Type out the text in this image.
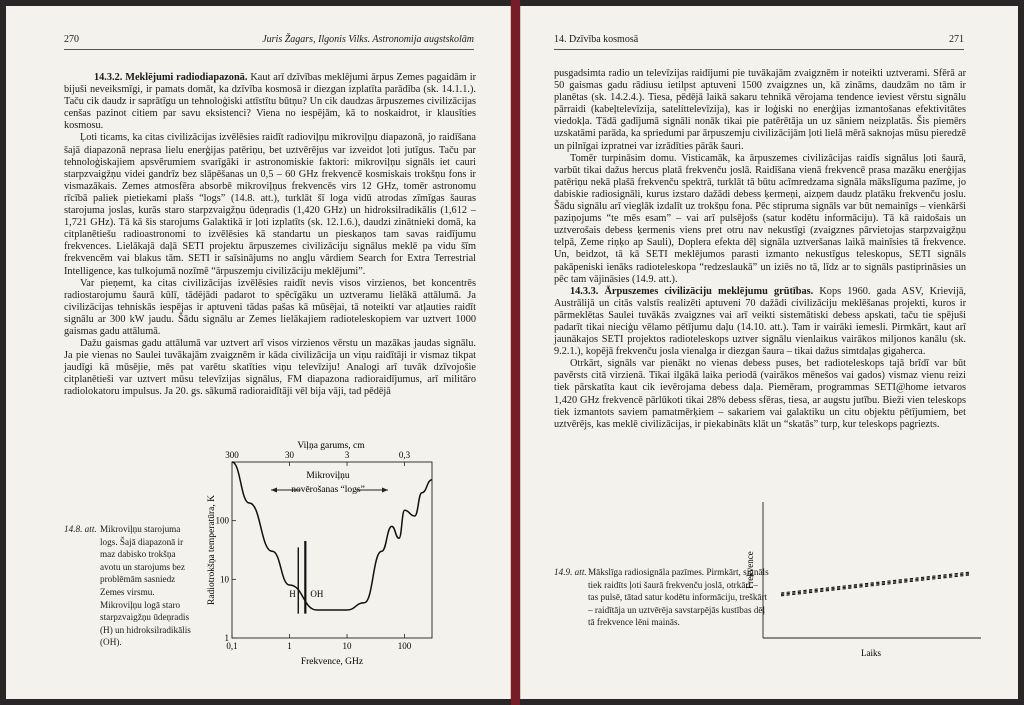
270	Juris Žagars, Ilgonis Vilks. Astronomija augstskolām

14.3.2. Meklējumi radiodiapazonā. Kaut arī dzīvības meklējumi ārpus Zemes pagaidām ir bijuši neveiksmīgi, ir pamats domāt, ka dzīvība kosmosā ir diezgan izplatīta parādība (sk. 14.1.1.). Taču cik daudz ir saprātīgu un tehnoloģiski attīstītu būtņu? Un cik daudzas ārpuszemes civilizācijas cenšas pazinot citiem par savu eksistenci? Viena no iespējām, kā to noskaidrot, ir klausīties kosmosu.

Ļoti ticams, ka citas civilizācijas izvēlēsies raidīt radioviļņu mikroviļņu diapazonā, jo raidīšana šajā diapazonā neprasa lielu enerģijas patēriņu, bet uztvērējus var izveidot ļoti jutīgus. Taču par tehnoloģiskajiem apsvērumiem svarīgāki ir astronomiskie faktori: mikroviļņu signāls iet cauri starpzvaigžņu videi gandrīz bez slāpēšanas un 0,5 – 60 GHz frekvencē kosmiskais trokšņu fons ir vismazākais. Zemes atmosfēra absorbē mikroviļņus frekvencēs virs 12 GHz, tomēr astronomu rīcībā paliek pietiekami plašs “logs” (14.8. att.), turklāt šī loga vidū atrodas zīmīgas šauras starojuma joslas, kurās staro starpzvaigžņu ūdeņradis (1,420 GHz) un hidroksilradikālis (1,612 – 1,721 GHz). Tā kā šis starojums Galaktikā ir ļoti izplatīts (sk. 12.1.6.), daudzi zinātnieki domā, ka citplanētiešu radioastronomi to izvēlēsies kā standartu un pieskaņos tam savas raidījumu frekvences. Lielākajā daļā SETI projektu ārpuszemes civilizāciju signālus meklē pa vidu šīm frekvencēm vai blakus tām. SETI ir saīsinājums no angļu vārdiem Search for Extra Terrestrial Intelligence, kas tulkojumā nozīmē “ārpuszemju civilizāciju meklējumi”.

Var pieņemt, ka citas civilizācijas izvēlēsies raidīt nevis visos virzienos, bet koncentrēs radiostarojumu šaurā kūlī, tādējādi padarot to spēcīgāku un uztveramu lielākā attālumā. Ja civilizācijas tehniskās iespējas ir aptuveni tādas pašas kā mūsējai, tā noteikti var atļauties raidīt signālu ar 300 kW jaudu. Šādu signālu ar Zemes lielākajiem radioteleskopiem var uztvert 1000 gaismas gadu attālumā.

Dažu gaismas gadu attālumā var uztvert arī visos virzienos vērstu un mazākas jaudas signālu. Ja pie vienas no Saulei tuvākajām zvaigznēm ir kāda civilizācija un viņu raidītāji ir vismaz tikpat jaudīgi kā mūsējie, mēs pat varētu skatīties viņu televīziju! Analogi arī tuvāk dzīvojošie citplanētieši var uztvert mūsu televīzijas signālus, FM diapazona radioraidījumus, arī militāro radiolokatoru impulsus. Ja 20. gs. sākumā radioraidītāji vēl bija vāji, tad pēdējā

14.8. att. Mikroviļņu starojuma logs. Šajā diapazonā ir maz dabisko trokšņa avotu un starojums bez problēmām sasniedz Zemes virsmu. Mikroviļņu logā staro starpzvaigžņu ūdeņradis (H) un hidroksilradikālis (OH).
Viļņa garums, cm
300	30	3	0,3
0,1	1	10	100
1
10
100
Frekvence, GHz
Radiotrokšņa temperatūra, K
Mikroviļņu
novērošanas “logs”
H OH
14. Dzīvība kosmosā	271

pusgadsimta radio un televīzijas raidījumi pie tuvākajām zvaigznēm ir noteikti uztverami. Sfērā ar 50 gaismas gadu rādiusu ietilpst aptuveni 1500 zvaigznes un, kā zināms, daudzām no tām ir planētas (sk. 14.2.4.). Tiesa, pēdējā laikā sakaru tehnikā vērojama tendence ieviest vērstu signālu pārraidi (kabeļtelevīzija, satelíttelevīzija), kas ir loģiski no enerģijas izmantošanas efektivitātes viedokļa. Tādā gadījumā signāli nonāk tikai pie patērētāja un uz sāniem neizplatās. Šis piemērs uzskatāmi parāda, ka spriedumi par ārpuszemju civilizācijām ļoti lielā mērā saknojas mūsu pieredzē un pilnīgai izpratnei var izrādīties pārāk šauri.

Tomēr turpināsim domu. Visticamāk, ka ārpuszemes civilizācijas raidīs signālus ļoti šaurā, varbūt tikai dažus hercus platā frekvenču joslā. Raidīšana vienā frekvencē prasa mazāku enerģijas patēriņu nekā plašā frekvenču spektrā, turklāt tā būtu acīmredzama signāla mākslīguma pazīme, jo dabiskie radiosignāli, kurus izstaro dažādi debess ķermeņi, aizņem daudz platāku frekvenču joslu. Šādu signālu arī vieglāk izdalīt uz trokšņu fona. Pēc stipruma signāls var būt nemainīgs – vienkārši paziņojums “te mēs esam” – vai arī pulsējošs (satur kodētu informāciju). Tā kā raidošais un uztverošais debess ķermenis viens pret otru nav nekustīgi (zvaigznes pārvietojas starpzvaigžņu telpā, Zeme riņķo ap Sauli), Doplera efekta dēļ signāla uztveršanas laikā mainīsies tā frekvence. Un, beidzot, tā kā SETI meklējumos parasti izmanto nekustīgus teleskopus, SETI signāls pakāpeniski ienāks radioteleskopa “redzeslaukā” un iziēs no tā, līdz ar to signāls pastiprināsies un pēc tam vājināsies (14.9. att.).

14.3.3. Ārpuszemes civilizāciju meklējumu grūtības. Kops 1960. gada ASV, Krievijā, Austrālijā un citās valstīs realizēti aptuveni 70 dažādi civilizāciju meklēšanas projekti, kuros ir pārmeklētas Saulei tuvākās zvaigznes vai arī veikti sistemātiski debess apskati, taču tie spējuši padarīt tikai nieciģu vēlamo pētījumu daļu (14.10. att.). Tam ir vairāki iemesli. Pirmkārt, kaut arī jaunākajos SETI projektos radioteleskops uztver signālu vienlaikus vairākos miljonos kanālu (sk. 9.2.1.), kopējā frekvenču josla vienalga ir diezgan šaura – tikai dažus simtdaļas gigaherca.

Otrkārt, signāls var pienākt no vienas debess puses, bet radioteleskops tajā brīdī var būt pavērsts citā virzienā. Tikai ilgākā laika periodā (vairākos mēnešos vai gados) vismaz vienu reizi tiek pārskatīta kaut cik ievērojama debess daļa. Piemēram, programmas SETI@home ietvaros 1,420 GHz frekvencē pārlūkoti tikai 28% debess sfēras, tiesa, ar augstu jutību. Bieži vien teleskops tiek izmantots saviem pamatmērķiem – sakariem vai galaktiku un citu objektu pētījumiem, bet uztvērējs, kas meklē civilizācijas, ir piekabināts klāt un “skatās” turp, kur teleskops pagriezts.

14.9. att. Mākslīga radiosignāla pazīmes. Pirmkārt, signāls tiek raidīts ļoti šaurā frekvenču joslā, otrkārt – tas pulsē, tātad satur kodētu informāciju, treškārt – raidītāja un uztvērēja savstarpējās kustības dēļ tā frekvence lēni mainās.
Frekvence
Laiks
